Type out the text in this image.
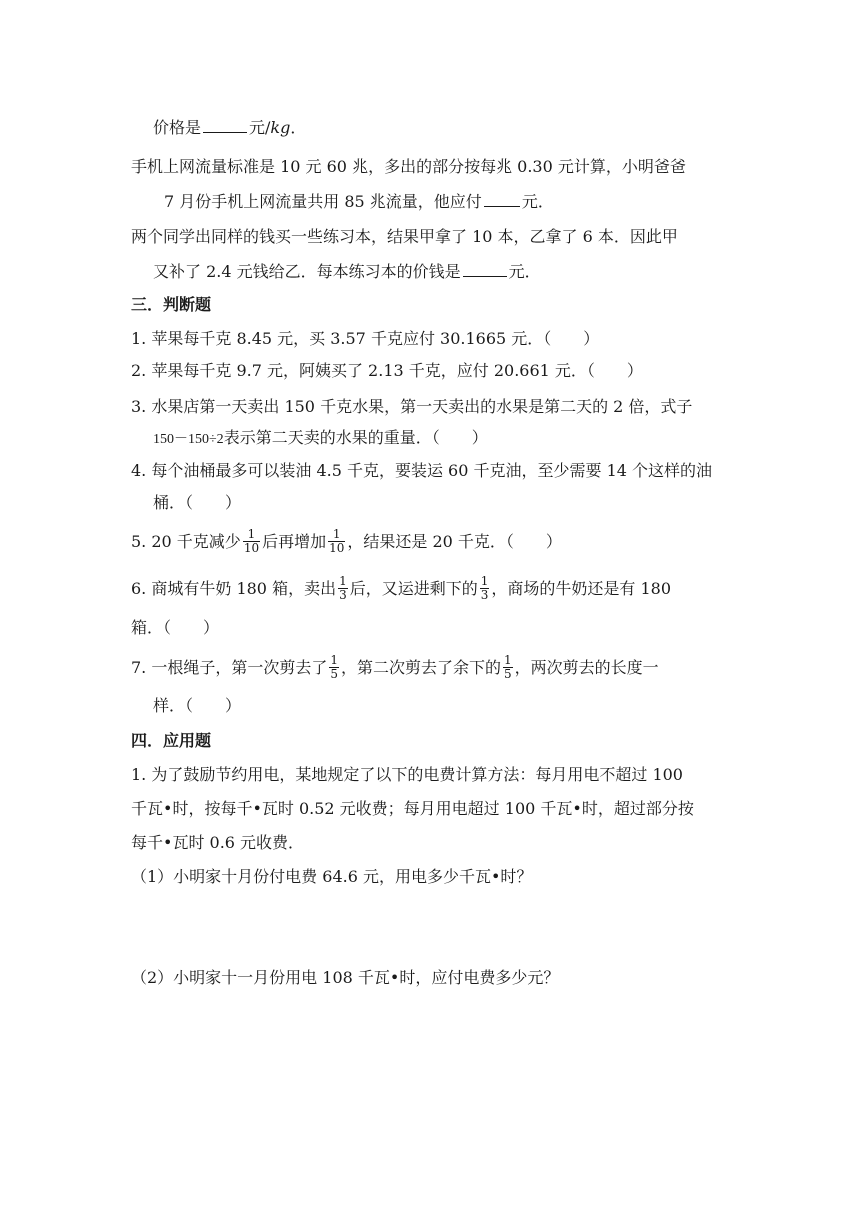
价格是	元/kg．
手机上网流量标准是 10 元 60 兆，多出的部分按每兆 0.30 元计算，小明爸爸
7 月份手机上网流量共用 85 兆流量，他应付	元．
两个同学出同样的钱买一些练习本，结果甲拿了 10 本，乙拿了 6 本．因此甲
又补了 2.4 元钱给乙．每本练习本的价钱是	元．
三．判断题
1. 苹果每千克 8.45 元，买 3.57 千克应付 30.1665 元．（　　）
2. 苹果每千克 9.7 元，阿姨买了 2.13 千克，应付 20.661 元．（　　）
3. 水果店第一天卖出 150 千克水果，第一天卖出的水果是第二天的 2 倍，式子
150－150÷2表示第二天卖的水果的重量．（　　）
4. 每个油桶最多可以装油 4.5 千克，要装运 60 千克油，至少需要 14 个这样的油
桶．（　　）
5. 20 千克减少 $\frac{1}{10}$ 后再增加 $\frac{1}{10}$ ，结果还是 20 千克．（　　）
6. 商城有牛奶 180 箱，卖出 $\frac{1}{3}$ 后，又运进剩下的 $\frac{1}{3}$ ，商场的牛奶还是有 180
箱．（　　）
7. 一根绳子，第一次剪去了 $\frac{1}{5}$ ，第二次剪去了余下的 $\frac{1}{5}$ ，两次剪去的长度一
样．（　　）
四．应用题
1. 为了鼓励节约用电，某地规定了以下的电费计算方法：每月用电不超过 100
千瓦•时，按每千•瓦时 0.52 元收费；每月用电超过 100 千瓦•时，超过部分按
每千•瓦时 0.6 元收费．
（1）小明家十月份付电费 64.6 元，用电多少千瓦•时？
（2）小明家十一月份用电 108 千瓦•时，应付电费多少元？
